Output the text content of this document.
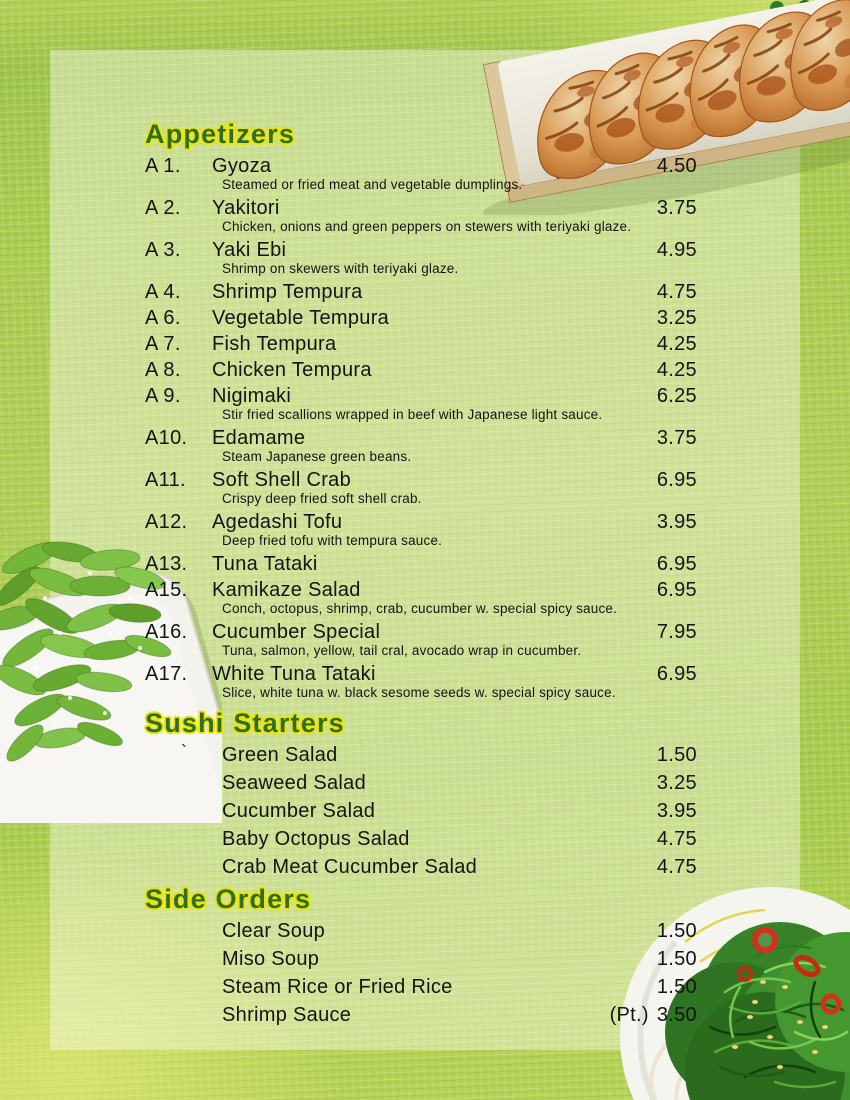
Appetizers
A 1.	Gyoza	4.50
Steamed or fried meat and vegetable dumplings.
A 2.	Yakitori	3.75
Chicken, onions and green peppers on stewers with teriyaki glaze.
A 3.	Yaki Ebi	4.95
Shrimp on skewers with teriyaki glaze.
A 4.	Shrimp Tempura	4.75
A 6.	Vegetable Tempura	3.25
A 7.	Fish Tempura	4.25
A 8.	Chicken Tempura	4.25
A 9.	Nigimaki	6.25
Stir fried scallions wrapped in beef with Japanese light sauce.
A10.	Edamame	3.75
Steam Japanese green beans.
A11.	Soft Shell Crab	6.95
Crispy deep fried soft shell crab.
A12.	Agedashi Tofu	3.95
Deep fried tofu with tempura sauce.
A13.	Tuna Tataki	6.95
A15.	Kamikaze Salad	6.95
Conch, octopus, shrimp, crab, cucumber w. special spicy sauce.
A16.	Cucumber Special	7.95
Tuna, salmon, yellow, tail cral, avocado wrap in cucumber.
A17.	White Tuna Tataki	6.95
Slice, white tuna w. black sesome seeds w. special spicy sauce.
Sushi Starters
` Green Salad	1.50
Seaweed Salad	3.25
Cucumber Salad	3.95
Baby Octopus Salad	4.75
Crab Meat Cucumber Salad	4.75
Side Orders
Clear Soup	1.50
Miso Soup	1.50
Steam Rice or Fried Rice	1.50
Shrimp Sauce	(Pt.) 3.50
